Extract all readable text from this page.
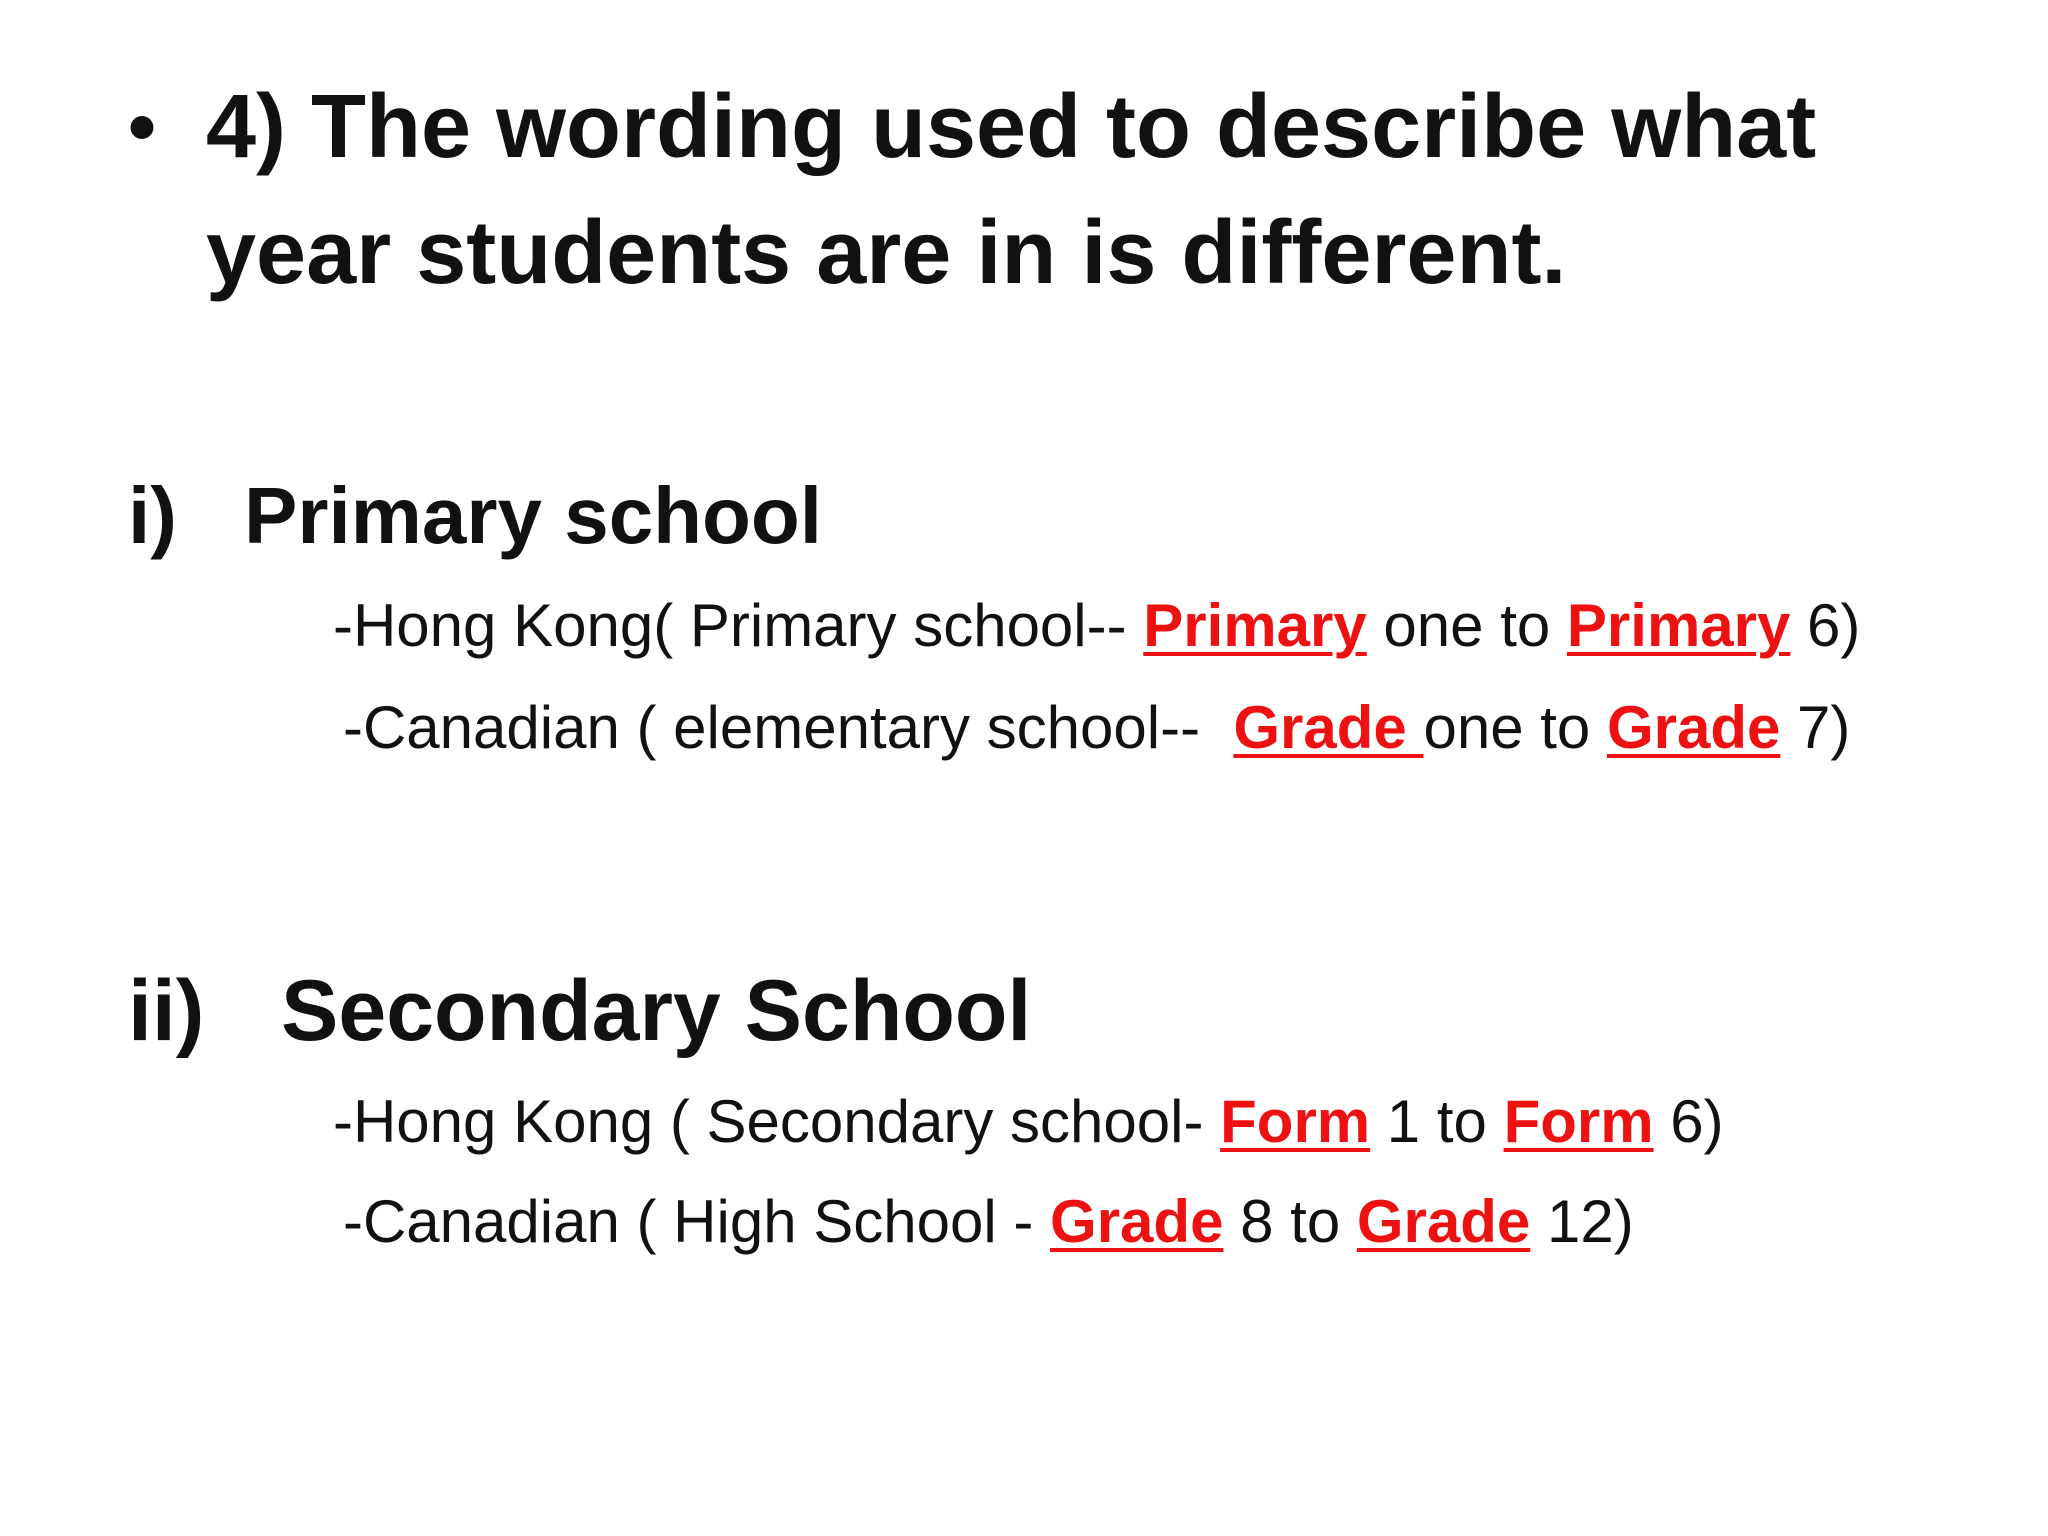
• 4) The wording used to describe what year students are in is different.
i) Primary school
-Hong Kong( Primary school-- Primary one to Primary 6)
-Canadian ( elementary school--  Grade one to Grade 7)
ii) Secondary School
-Hong Kong ( Secondary school- Form 1 to Form 6)
-Canadian ( High School - Grade 8 to Grade 12)
